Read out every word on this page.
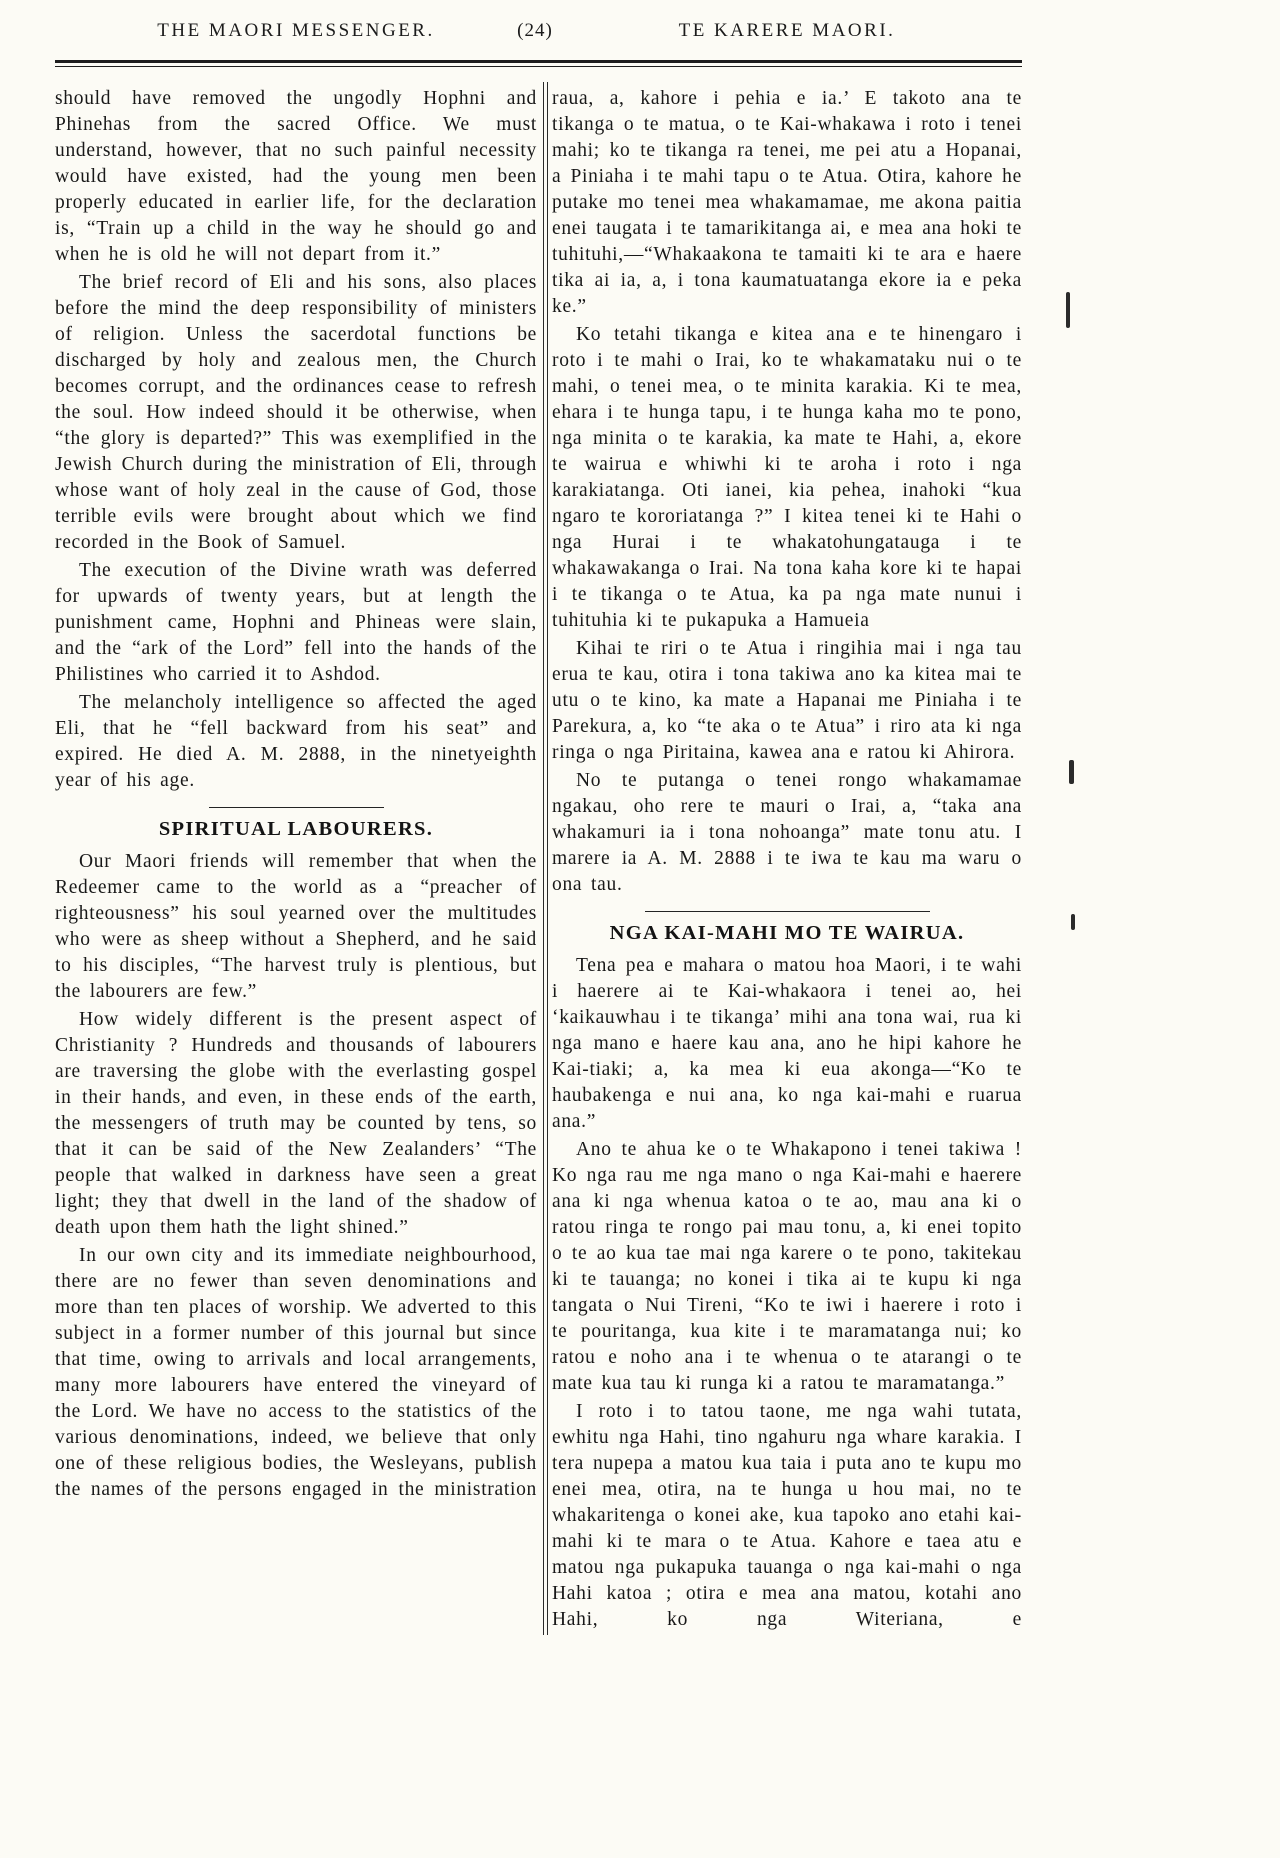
THE MAORI MESSENGER.	(24)	TE KARERE MAORI.

should have removed the ungodly Hophni and Phinehas from the sacred Office. We must understand, however, that no such painful necessity would have existed, had the young men been properly educated in earlier life, for the declaration is, “Train up a child in the way he should go and when he is old he will not depart from it.”

The brief record of Eli and his sons, also places before the mind the deep responsibility of ministers of religion. Unless the sacerdotal functions be discharged by holy and zealous men, the Church becomes corrupt, and the ordinances cease to refresh the soul. How indeed should it be otherwise, when “the glory is departed?” This was exemplified in the Jewish Church during the ministration of Eli, through whose want of holy zeal in the cause of God, those terrible evils were brought about which we find recorded in the Book of Samuel.

The execution of the Divine wrath was deferred for upwards of twenty years, but at length the punishment came, Hophni and Phineas were slain, and the “ark of the Lord” fell into the hands of the Philistines who carried it to Ashdod.

The melancholy intelligence so affected the aged Eli, that he “fell backward from his seat” and expired. He died A. M. 2888, in the ninetyeighth year of his age.

SPIRITUAL LABOURERS.

Our Maori friends will remember that when the Redeemer came to the world as a “preacher of righteousness” his soul yearned over the multitudes who were as sheep without a Shepherd, and he said to his disciples, “The harvest truly is plentious, but the labourers are few.”

How widely different is the present aspect of Christianity ? Hundreds and thousands of labourers are traversing the globe with the everlasting gospel in their hands, and even, in these ends of the earth, the messengers of truth may be counted by tens, so that it can be said of the New Zealanders’ “The people that walked in darkness have seen a great light; they that dwell in the land of the shadow of death upon them hath the light shined.”

In our own city and its immediate neighbourhood, there are no fewer than seven denominations and more than ten places of worship. We adverted to this subject in a former number of this journal but since that time, owing to arrivals and local arrangements, many more labourers have entered the vineyard of the Lord. We have no access to the statistics of the various denominations, indeed, we believe that only one of these religious bodies, the Wesleyans, publish the names of the persons engaged in the ministration

raua, a, kahore i pehia e ia.’ E takoto ana te tikanga o te matua, o te Kai-whakawa i roto i tenei mahi; ko te tikanga ra tenei, me pei atu a Hopanai, a Piniaha i te mahi tapu o te Atua. Otira, kahore he putake mo tenei mea whakamamae, me akona paitia enei taugata i te tamarikitanga ai, e mea ana hoki te tuhituhi,—“Whakaakona te tamaiti ki te ara e haere tika ai ia, a, i tona kaumatuatanga ekore ia e peka ke.”

Ko tetahi tikanga e kitea ana e te hinengaro i roto i te mahi o Irai, ko te whakamataku nui o te mahi, o tenei mea, o te minita karakia. Ki te mea, ehara i te hunga tapu, i te hunga kaha mo te pono, nga minita o te karakia, ka mate te Hahi, a, ekore te wairua e whiwhi ki te aroha i roto i nga karakiatanga. Oti ianei, kia pehea, inahoki “kua ngaro te kororiatanga ?” I kitea tenei ki te Hahi o nga Hurai i te whakatohungatauga i te whakawakanga o Irai. Na tona kaha kore ki te hapai i te tikanga o te Atua, ka pa nga mate nunui i tuhituhia ki te pukapuka a Hamueia

Kihai te riri o te Atua i ringihia mai i nga tau erua te kau, otira i tona takiwa ano ka kitea mai te utu o te kino, ka mate a Hapanai me Piniaha i te Parekura, a, ko “te aka o te Atua” i riro ata ki nga ringa o nga Piritaina, kawea ana e ratou ki Ahirora.

No te putanga o tenei rongo whakamamae ngakau, oho rere te mauri o Irai, a, “taka ana whakamuri ia i tona nohoanga” mate tonu atu. I marere ia A. M. 2888 i te iwa te kau ma waru o ona tau.

NGA KAI-MAHI MO TE WAIRUA.

Tena pea e mahara o matou hoa Maori, i te wahi i haerere ai te Kai-whakaora i tenei ao, hei ‘kaikauwhau i te tikanga’ mihi ana tona wai, rua ki nga mano e haere kau ana, ano he hipi kahore he Kai-tiaki; a, ka mea ki eua akonga—“Ko te haubakenga e nui ana, ko nga kai-mahi e ruarua ana.”

Ano te ahua ke o te Whakapono i tenei takiwa ! Ko nga rau me nga mano o nga Kai-mahi e haerere ana ki nga whenua katoa o te ao, mau ana ki o ratou ringa te rongo pai mau tonu, a, ki enei topito o te ao kua tae mai nga karere o te pono, takitekau ki te tauanga; no konei i tika ai te kupu ki nga tangata o Nui Tireni, “Ko te iwi i haerere i roto i te pouritanga, kua kite i te maramatanga nui; ko ratou e noho ana i te whenua o te atarangi o te mate kua tau ki runga ki a ratou te maramatanga.”

I roto i to tatou taone, me nga wahi tutata, ewhitu nga Hahi, tino ngahuru nga whare karakia. I tera nupepa a matou kua taia i puta ano te kupu mo enei mea, otira, na te hunga u hou mai, no te whakaritenga o konei ake, kua tapoko ano etahi kai-mahi ki te mara o te Atua. Kahore e taea atu e matou nga pukapuka tauanga o nga kai-mahi o nga Hahi katoa ; otira e mea ana matou, kotahi ano Hahi, ko nga Witeriana, e
